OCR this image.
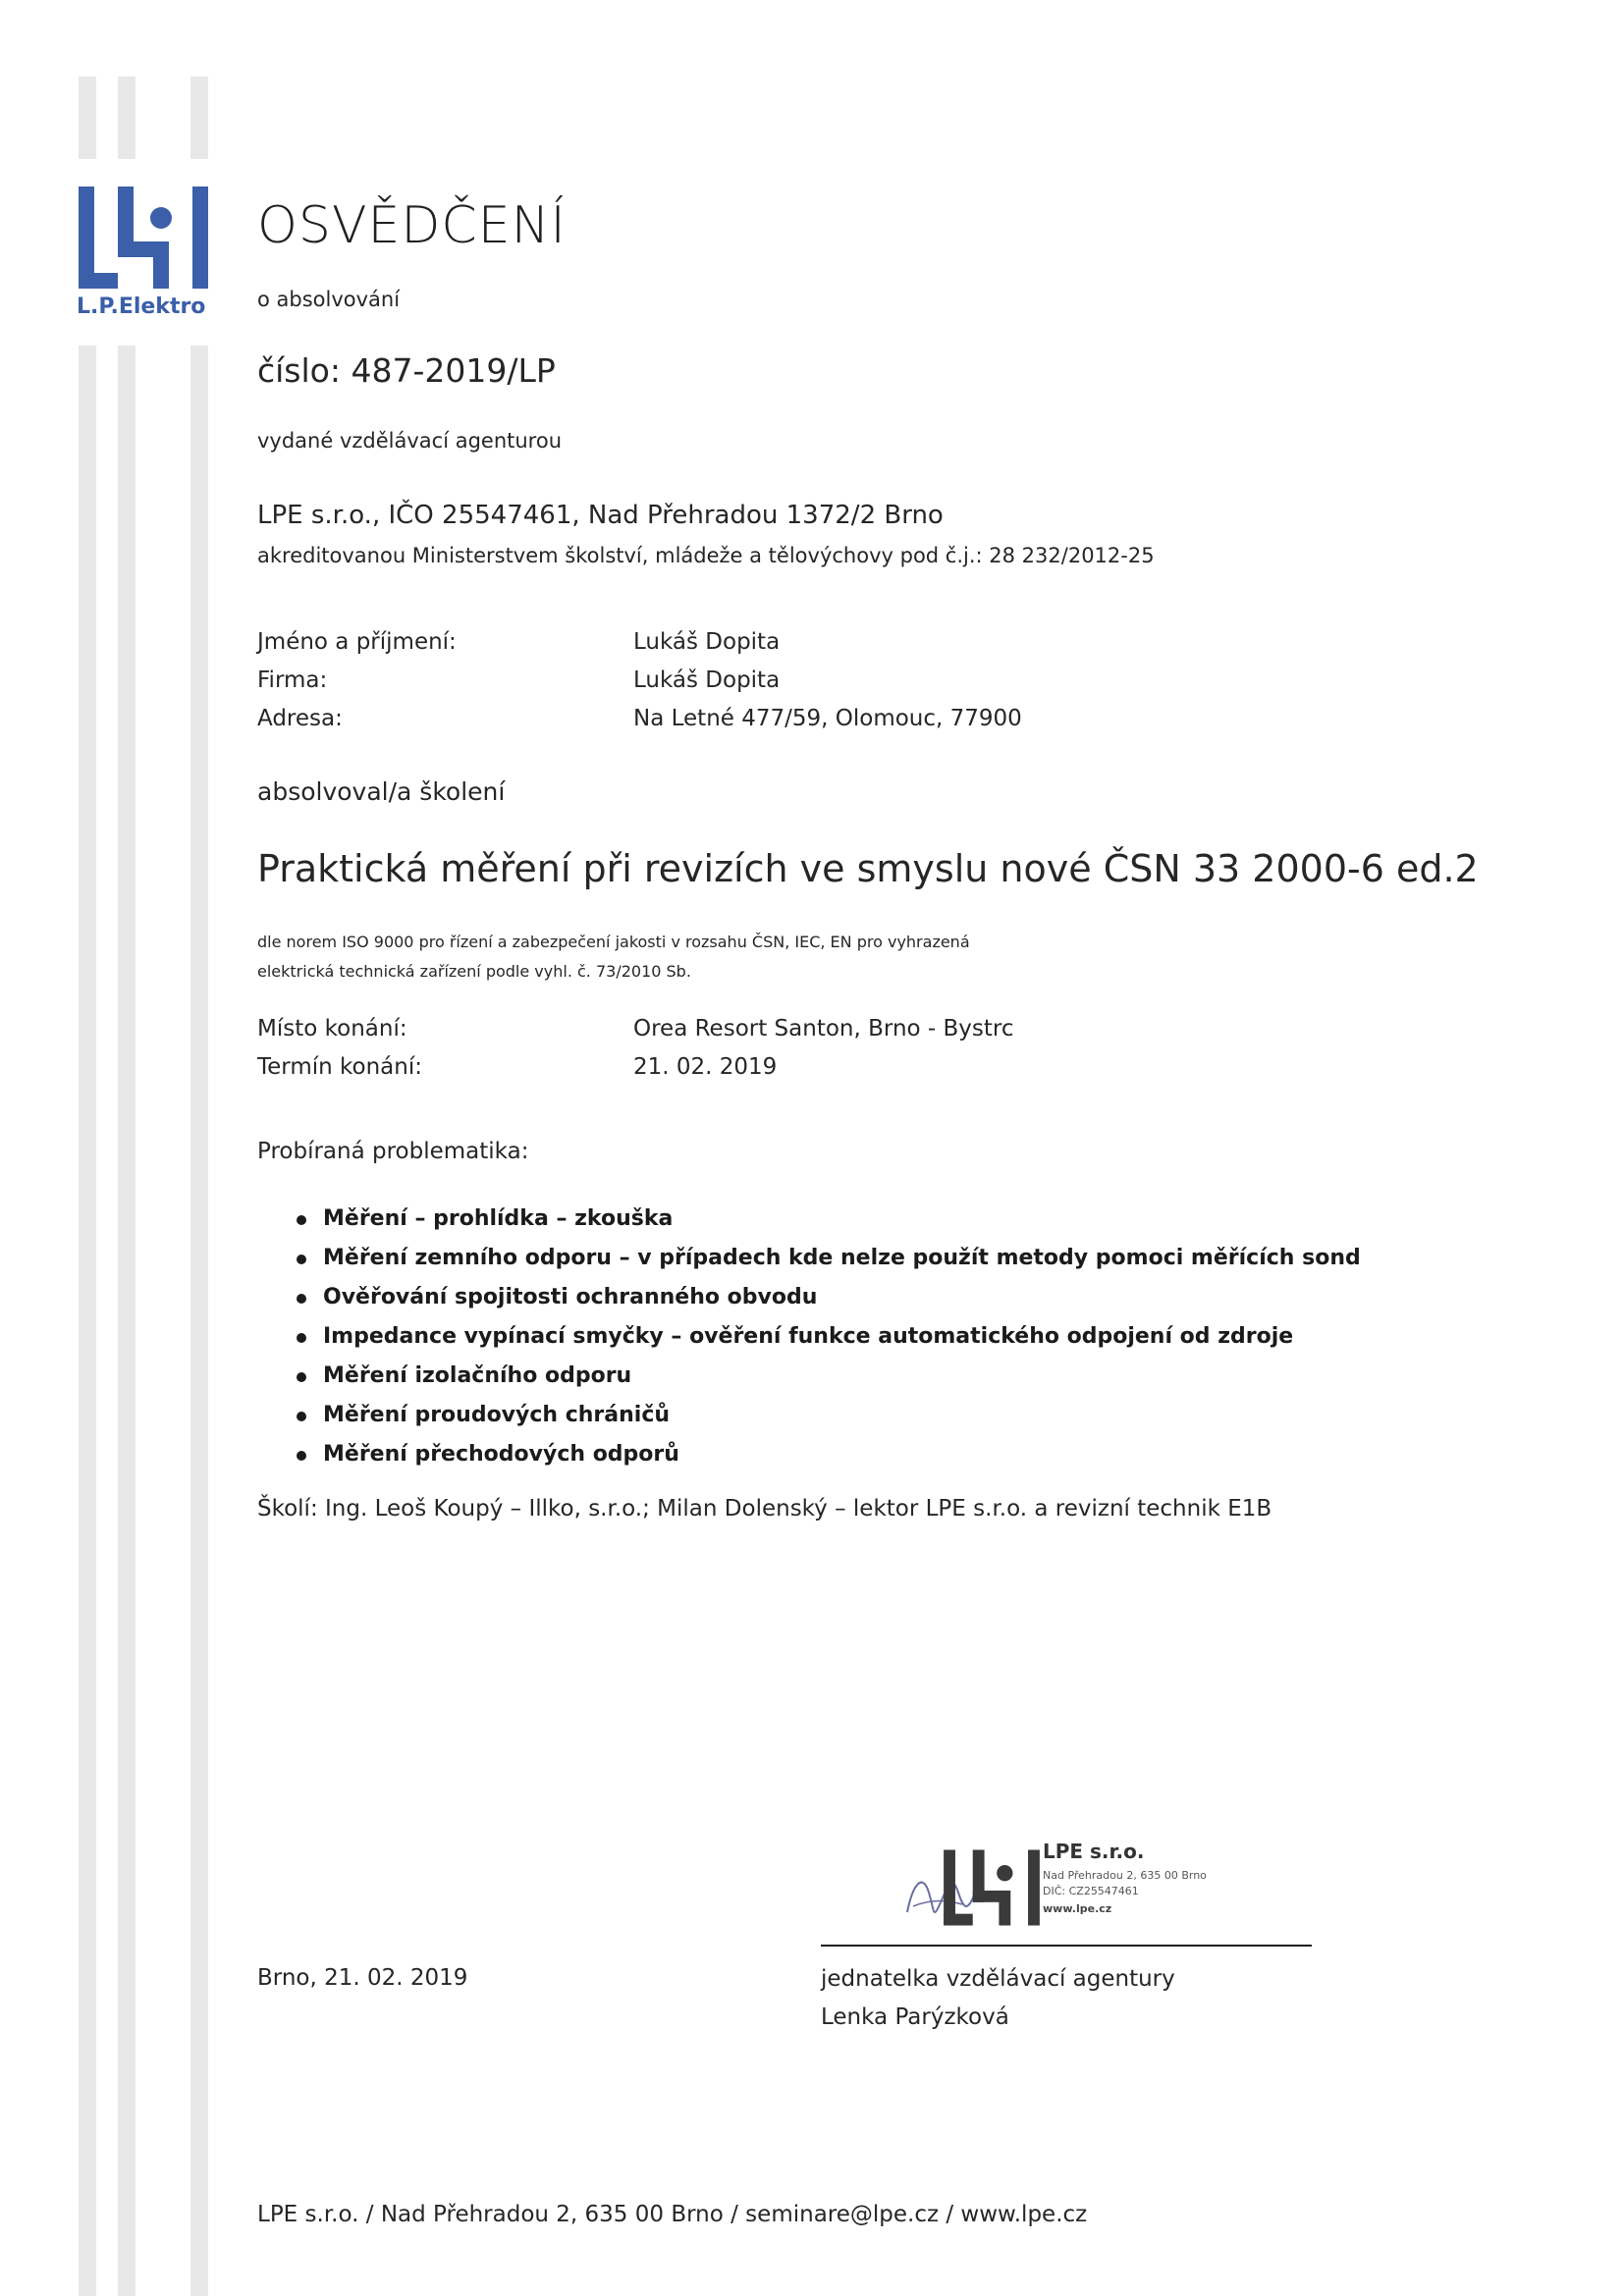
L.P.Elektro
OSVĚDČENÍ
o absolvování
číslo: 487-2019/LP
vydané vzdělávací agenturou
LPE s.r.o., IČO 25547461, Nad Přehradou 1372/2 Brno
akreditovanou Ministerstvem školství, mládeže a tělovýchovy pod č.j.: 28 232/2012-25
Jméno a příjmení:	Lukáš Dopita
Firma:	Lukáš Dopita
Adresa:	Na Letné 477/59, Olomouc, 77900
absolvoval/a školení
Praktická měření při revizích ve smyslu nové ČSN 33 2000-6 ed.2
dle norem ISO 9000 pro řízení a zabezpečení jakosti v rozsahu ČSN, IEC, EN pro vyhrazená
elektrická technická zařízení podle vyhl. č. 73/2010 Sb.
Místo konání:	Orea Resort Santon, Brno - Bystrc
Termín konání:	21. 02. 2019
Probíraná problematika:
Měření – prohlídka – zkouška
Měření zemního odporu – v případech kde nelze použít metody pomoci měřících sond
Ověřování spojitosti ochranného obvodu
Impedance vypínací smyčky – ověření funkce automatického odpojení od zdroje
Měření izolačního odporu
Měření proudových chráničů
Měření přechodových odporů
Školí: Ing. Leoš Koupý – Illko, s.r.o.; Milan Dolenský – lektor LPE s.r.o. a revizní technik E1B
LPE s.r.o.
Nad Přehradou 2, 635 00 Brno
DIČ: CZ25547461
www.lpe.cz
Brno, 21. 02. 2019	jednatelka vzdělávací agentury
Lenka Parýzková
LPE s.r.o. / Nad Přehradou 2, 635 00 Brno / seminare@lpe.cz / www.lpe.cz
